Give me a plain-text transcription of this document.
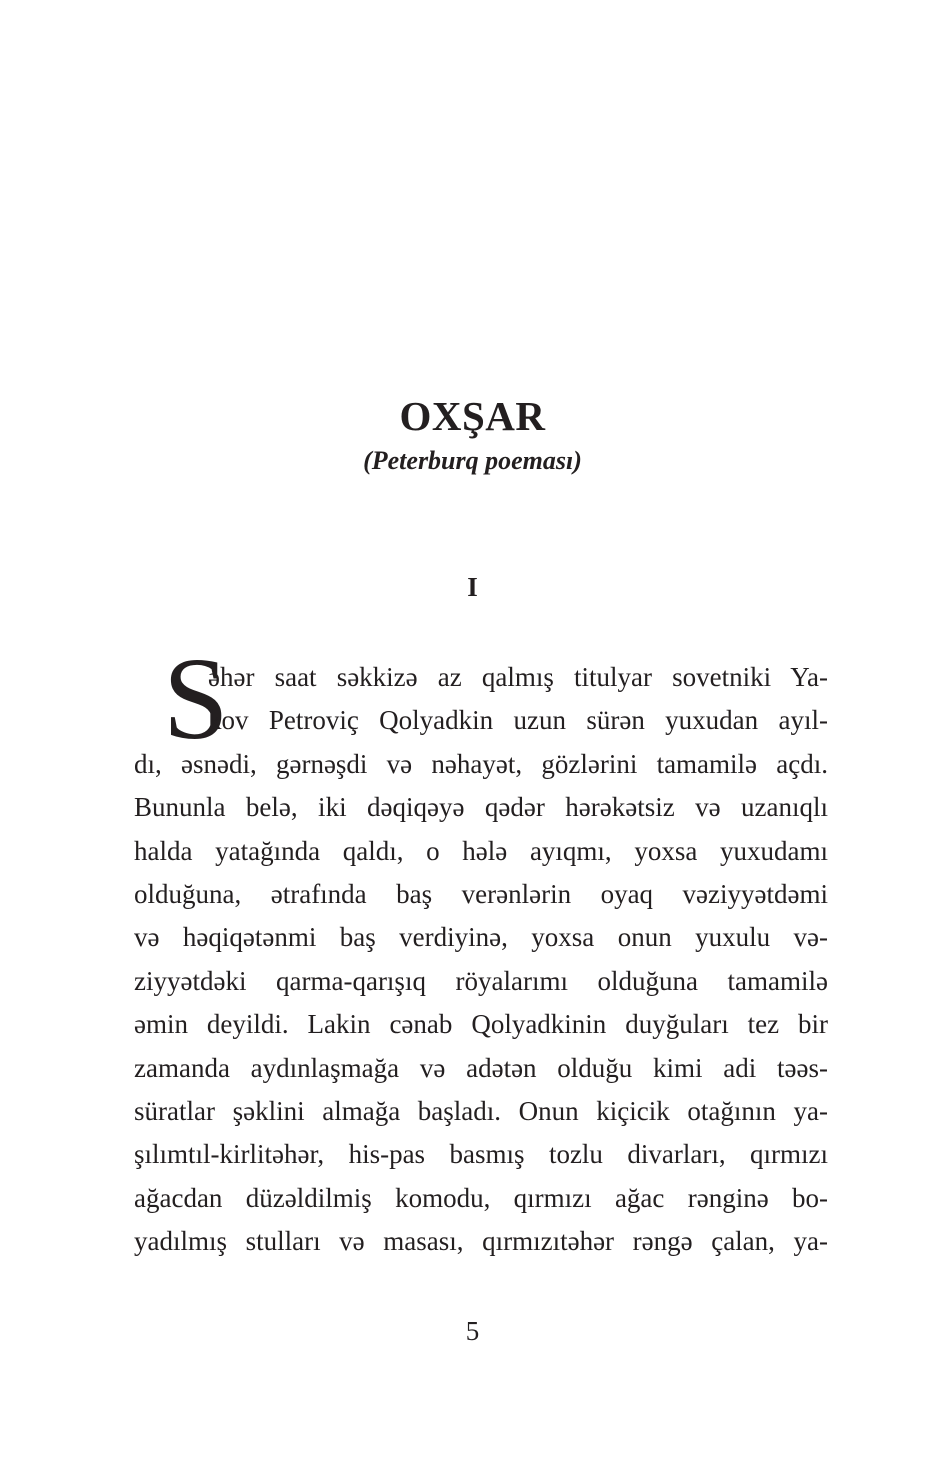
OXŞAR
(Peterburq poeması)
I
S
əhər saat səkkizə az qalmış titulyar sovetniki Ya-
kov Petroviç Qolyadkin uzun sürən yuxudan ayıl-
dı, əsnədi, gərnəşdi və nəhayət, gözlərini tamamilə açdı.
Bununla belə, iki dəqiqəyə qədər hərəkətsiz və uzanıqlı
halda yatağında qaldı, o hələ ayıqmı, yoxsa yuxudamı
olduğuna, ətrafında baş verənlərin oyaq vəziyyətdəmi
və həqiqətənmi baş verdiyinə, yoxsa onun yuxulu və-
ziyyətdəki qarma-qarışıq röyalarımı olduğuna tamamilə
əmin deyildi. Lakin cənab Qolyadkinin duyğuları tez bir
zamanda aydınlaşmağa və adətən olduğu kimi adi təəs-
süratlar şəklini almağa başladı. Onun kiçicik otağının ya-
şılımtıl-kirlitəhər, his-pas basmış tozlu divarları, qırmızı
ağacdan düzəldilmiş komodu, qırmızı ağac rənginə bo-
yadılmış stulları və masası, qırmızıtəhər rəngə çalan, ya-
5
